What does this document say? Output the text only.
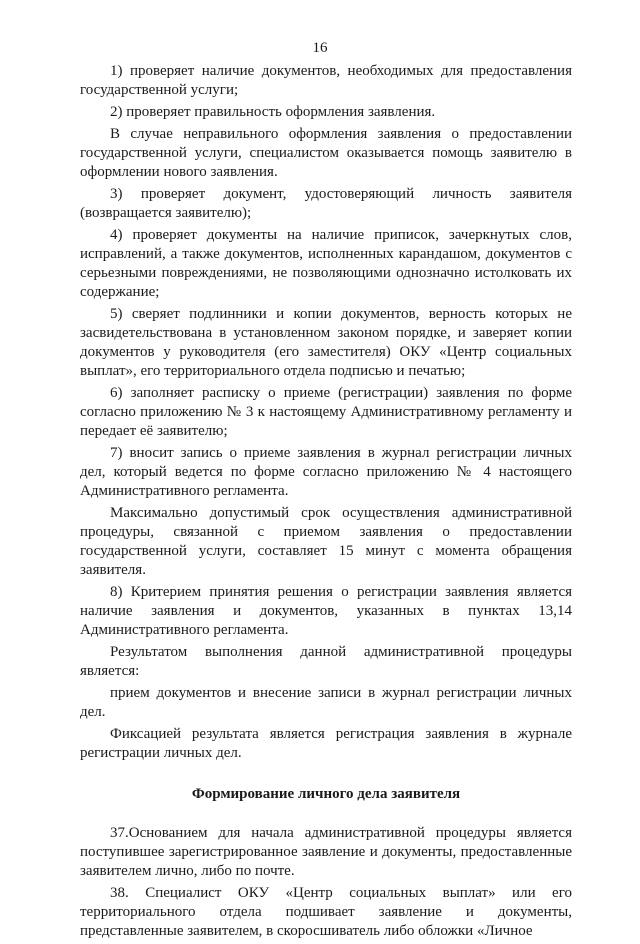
16

1) проверяет наличие документов, необходимых для предоставления государственной услуги;

2) проверяет правильность оформления заявления.

В случае неправильного оформления заявления о предоставлении государственной услуги, специалистом оказывается помощь заявителю в оформлении нового заявления.

3) проверяет документ, удостоверяющий личность заявителя (возвращается заявителю);

4) проверяет документы на наличие приписок, зачеркнутых слов, исправлений, а также документов, исполненных карандашом, документов с серьезными повреждениями, не позволяющими однозначно истолковать их содержание;

5) сверяет подлинники и копии документов, верность которых не засвидетельствована в установленном законом порядке, и заверяет копии документов у руководителя (его заместителя) ОКУ «Центр социальных выплат», его территориального отдела подписью и печатью;

6) заполняет расписку о приеме (регистрации) заявления по форме согласно приложению № 3 к настоящему Административному регламенту и передает её заявителю;

7) вносит запись о приеме заявления в журнал регистрации личных дел, который ведется по форме согласно приложению № 4 настоящего Административного регламента.

Максимально допустимый срок осуществления административной процедуры, связанной с приемом заявления о предоставлении государственной услуги, составляет 15 минут с момента обращения заявителя.

8) Критерием принятия решения о регистрации заявления является наличие заявления и документов, указанных в пунктах 13,14 Административного регламента.

Результатом выполнения данной административной процедуры является:

прием документов и внесение записи в журнал регистрации личных дел.

Фиксацией результата является регистрация заявления в журнале регистрации личных дел.

Формирование личного дела заявителя

37.Основанием для начала административной процедуры является поступившее зарегистрированное заявление и документы, предоставленные заявителем лично, либо по почте.

38. Специалист ОКУ «Центр социальных выплат» или его территориального отдела подшивает заявление и документы, представленные заявителем, в скоросшиватель либо обложки «Личное
